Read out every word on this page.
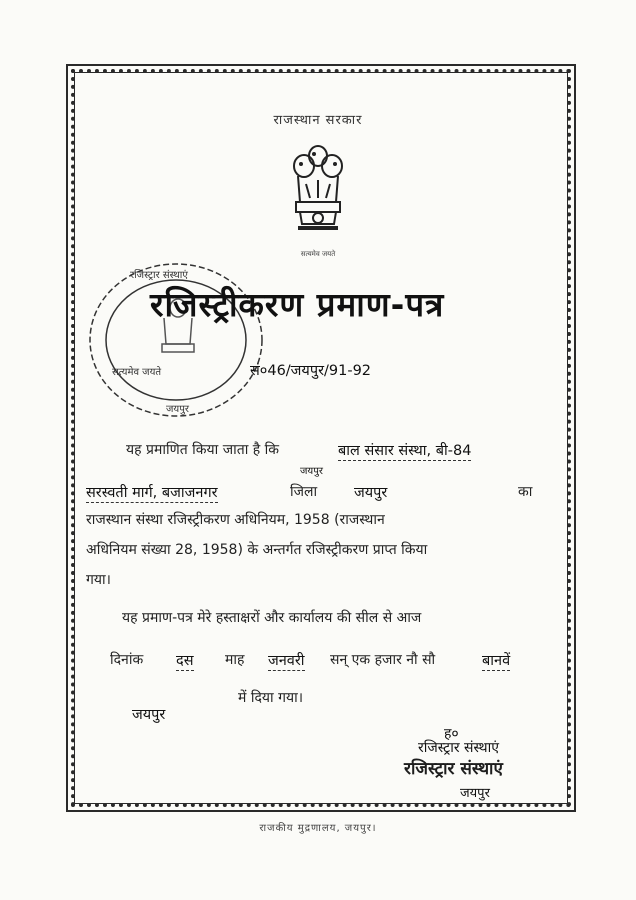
राजस्थान सरकार
सत्यमेव जयते
रजिस्ट्रार संस्थाएं
जयपुर
रजिस्ट्रीकरण प्रमाण-पत्र
सत्यमेव जयते	सं०46/जयपुर/91-92
यह प्रमाणित किया जाता है कि	बाल संसार संस्था, बी-84
जयपुर
सरस्वती मार्ग, बजाजनगर	जिला	जयपुर	का
राजस्थान संस्था रजिस्ट्रीकरण अधिनियम, 1958 (राजस्थान
अधिनियम संख्या 28, 1958) के अन्तर्गत रजिस्ट्रीकरण प्राप्त किया
गया।
यह प्रमाण-पत्र मेरे हस्ताक्षरों और कार्यालय की सील से आज
दिनांक दस माह जनवरी सन् एक हजार नौ सौ	बानवें
में दिया गया।
जयपुर
ह०
रजिस्ट्रार संस्थाएं
रजिस्ट्रार संस्थाएं
जयपुर
राजकीय मुद्रणालय, जयपुर।
